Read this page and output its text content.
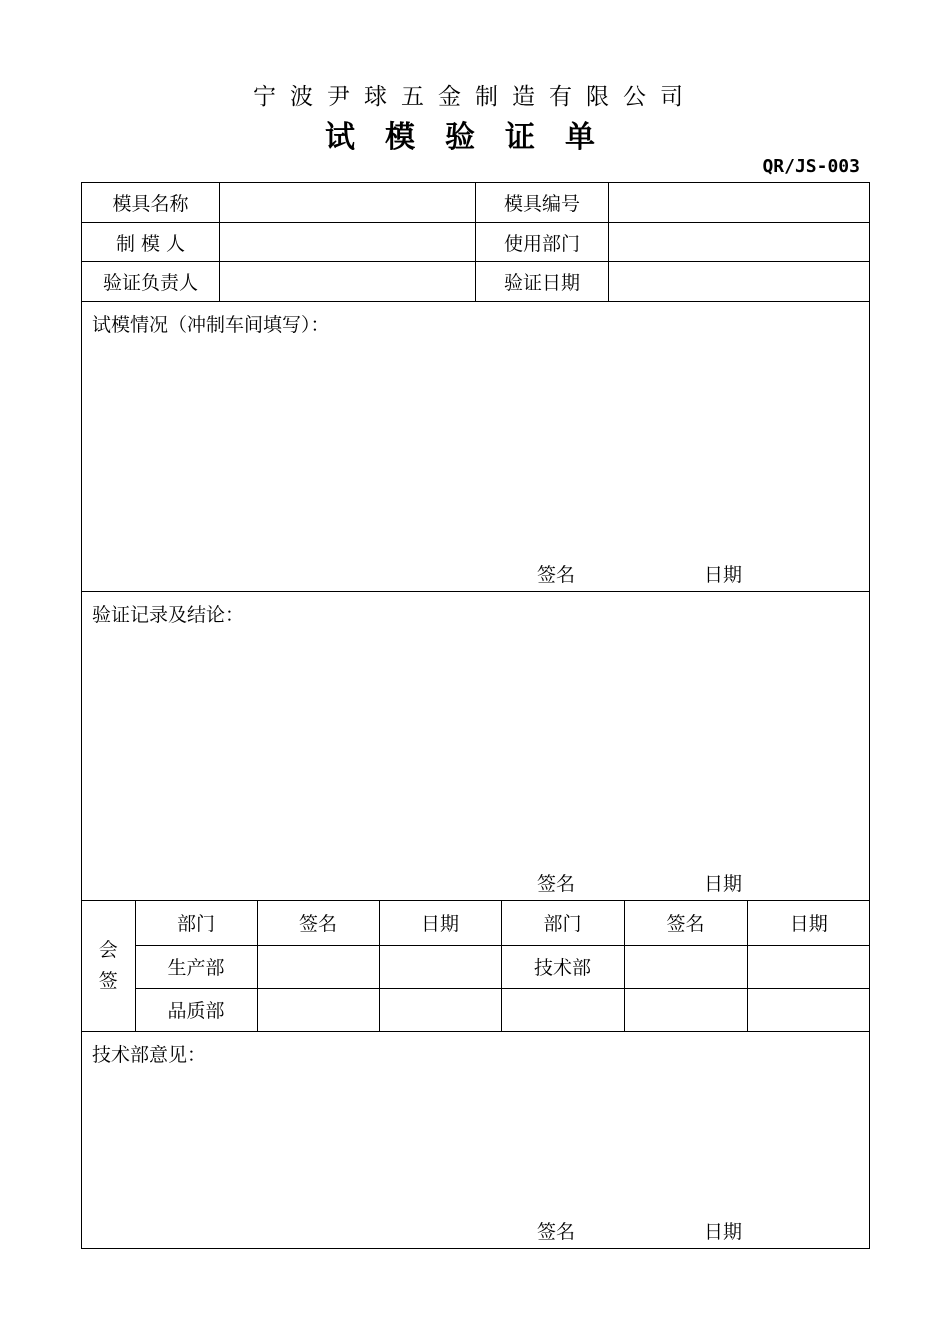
宁波尹球五金制造有限公司
试模验证单
QR/JS-003
模具名称		模具编号	
制 模 人		使用部门	
验证负责人		验证日期	

试模情况（冲制车间填写）：
签名	日期

验证记录及结论：
签名	日期

会
签
	部门	签名	日期	部门	签名	日期
生产部			技术部		
品质部					

技术部意见：
签名	日期
